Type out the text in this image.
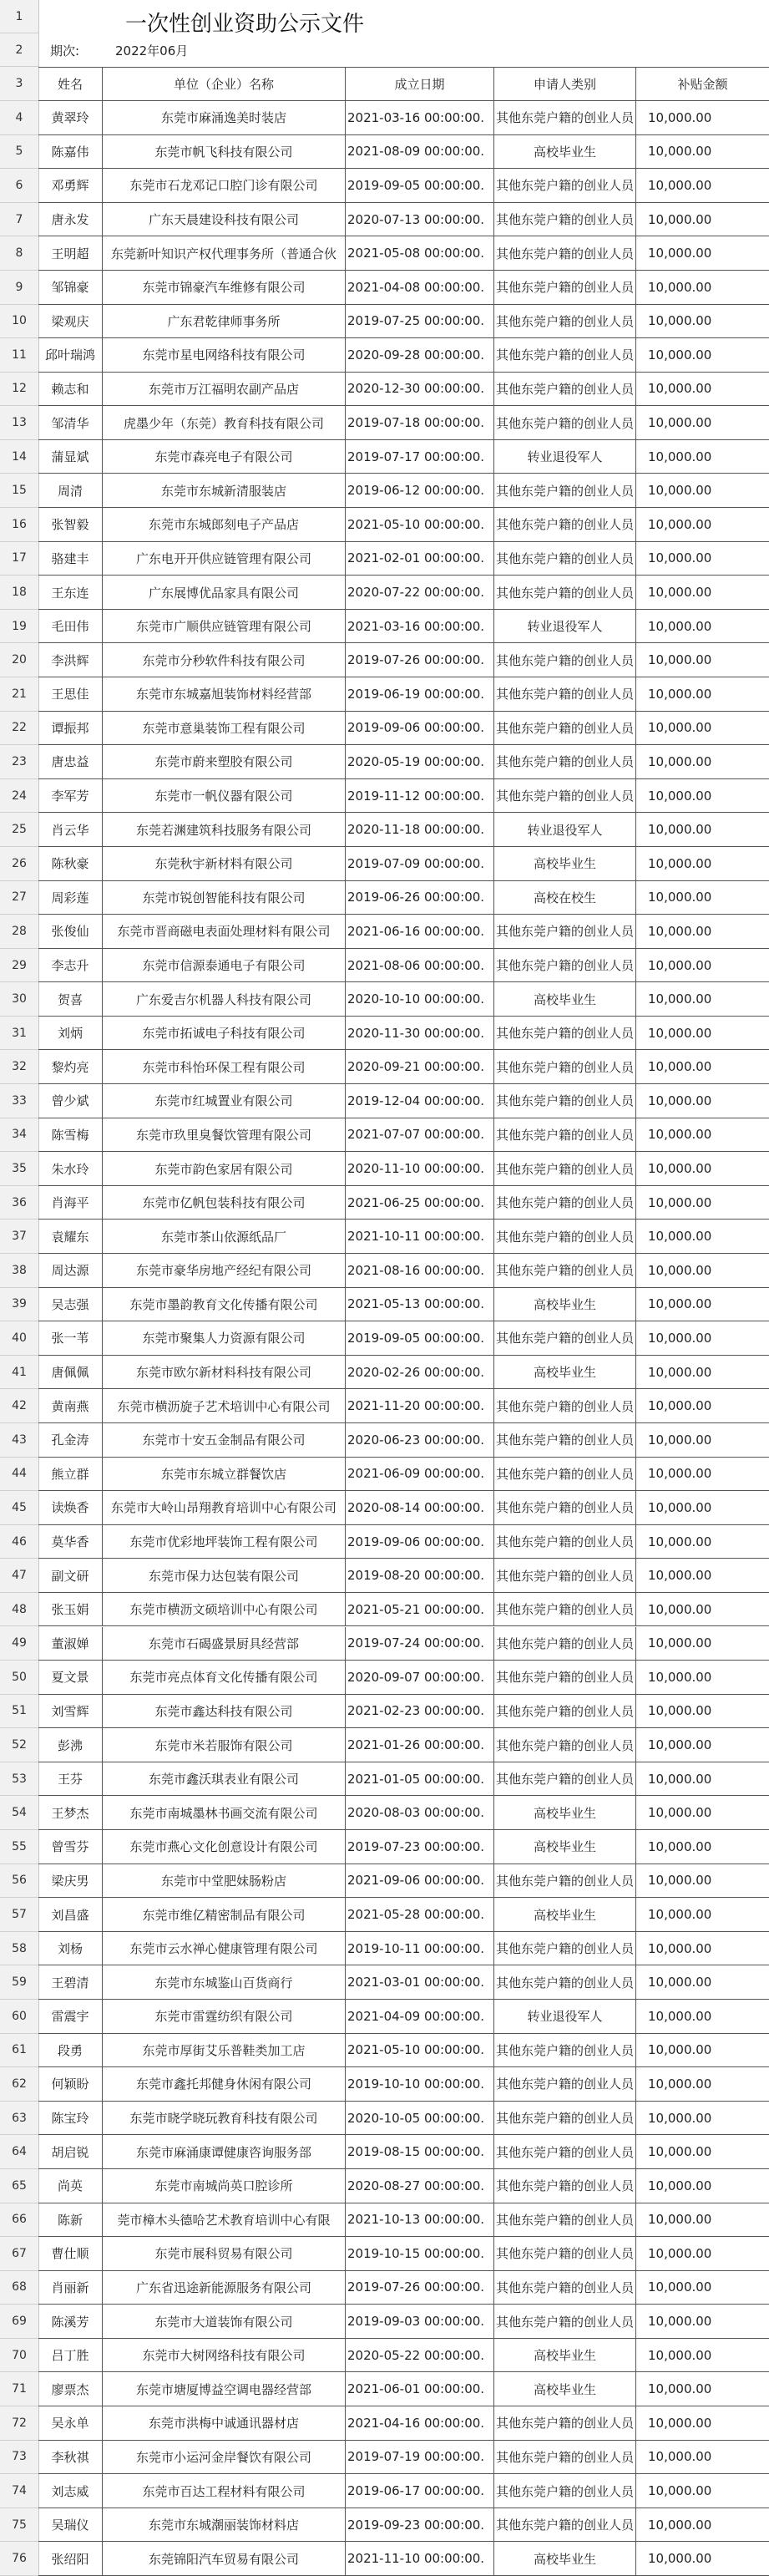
1	一次性创业资助公示文件
2	期次:	2022年06月
3	姓名	单位（企业）名称	成立日期	申请人类别	补贴金额
4	黄翠玲	东莞市麻涌逸美时装店	2021-03-16 00:00:00. 其他东莞户籍的创业人员	10,000.00
5	陈嘉伟	东莞市帆飞科技有限公司	2021-08-09 00:00:00.	高校毕业生	10,000.00
6	邓勇辉	东莞市石龙邓记口腔门诊有限公司	2019-09-05 00:00:00. 其他东莞户籍的创业人员	10,000.00
7	唐永发	广东天晨建设科技有限公司	2020-07-13 00:00:00. 其他东莞户籍的创业人员	10,000.00
8	王明超	东莞新叶知识产权代理事务所（普通合伙 2021-05-08 00:00:00. 其他东莞户籍的创业人员	10,000.00
9	邹锦豪	东莞市锦豪汽车维修有限公司	2021-04-08 00:00:00. 其他东莞户籍的创业人员	10,000.00
10	梁观庆	广东君乾律师事务所	2019-07-25 00:00:00. 其他东莞户籍的创业人员	10,000.00
11	邱叶瑞鸿	东莞市星电网络科技有限公司	2020-09-28 00:00:00. 其他东莞户籍的创业人员	10,000.00
12	赖志和	东莞市万江福明农副产品店	2020-12-30 00:00:00. 其他东莞户籍的创业人员	10,000.00
13	邹清华	虎墨少年（东莞）教育科技有限公司	2019-07-18 00:00:00. 其他东莞户籍的创业人员	10,000.00
14	蒲显斌	东莞市森亮电子有限公司	2019-07-17 00:00:00.	转业退役军人	10,000.00
15	周清	东莞市东城新清服装店	2019-06-12 00:00:00. 其他东莞户籍的创业人员	10,000.00
16	张智毅	东莞市东城郎刻电子产品店	2021-05-10 00:00:00. 其他东莞户籍的创业人员	10,000.00
17	骆建丰	广东电开开供应链管理有限公司	2021-02-01 00:00:00. 其他东莞户籍的创业人员	10,000.00
18	王东连	广东展博优品家具有限公司	2020-07-22 00:00:00. 其他东莞户籍的创业人员	10,000.00
19	毛田伟	东莞市广顺供应链管理有限公司	2021-03-16 00:00:00.	转业退役军人	10,000.00
20	李洪辉	东莞市分秒软件科技有限公司	2019-07-26 00:00:00. 其他东莞户籍的创业人员	10,000.00
21	王思佳	东莞市东城嘉旭装饰材料经营部	2019-06-19 00:00:00. 其他东莞户籍的创业人员	10,000.00
22	谭振邦	东莞市意巢装饰工程有限公司	2019-09-06 00:00:00. 其他东莞户籍的创业人员	10,000.00
23	唐忠益	东莞市蔚来塑胶有限公司	2020-05-19 00:00:00. 其他东莞户籍的创业人员	10,000.00
24	李军芳	东莞市一帆仪器有限公司	2019-11-12 00:00:00. 其他东莞户籍的创业人员	10,000.00
25	肖云华	东莞若渊建筑科技服务有限公司	2020-11-18 00:00:00.	转业退役军人	10,000.00
26	陈秋豪	东莞秋宇新材料有限公司	2019-07-09 00:00:00.	高校毕业生	10,000.00
27	周彩莲	东莞市锐创智能科技有限公司	2019-06-26 00:00:00.	高校在校生	10,000.00
28	张俊仙	东莞市晋商磁电表面处理材料有限公司	2021-06-16 00:00:00. 其他东莞户籍的创业人员	10,000.00
29	李志升	东莞市信源泰通电子有限公司	2021-08-06 00:00:00. 其他东莞户籍的创业人员	10,000.00
30	贺喜	广东爱吉尔机器人科技有限公司	2020-10-10 00:00:00.	高校毕业生	10,000.00
31	刘炳	东莞市拓诚电子科技有限公司	2020-11-30 00:00:00. 其他东莞户籍的创业人员	10,000.00
32	黎灼亮	东莞市科怡环保工程有限公司	2020-09-21 00:00:00. 其他东莞户籍的创业人员	10,000.00
33	曾少斌	东莞市红城置业有限公司	2019-12-04 00:00:00. 其他东莞户籍的创业人员	10,000.00
34	陈雪梅	东莞市玖里臭餐饮管理有限公司	2021-07-07 00:00:00. 其他东莞户籍的创业人员	10,000.00
35	朱水玲	东莞市韵色家居有限公司	2020-11-10 00:00:00. 其他东莞户籍的创业人员	10,000.00
36	肖海平	东莞市亿帆包装科技有限公司	2021-06-25 00:00:00. 其他东莞户籍的创业人员	10,000.00
37	袁耀东	东莞市茶山依源纸品厂	2021-10-11 00:00:00. 其他东莞户籍的创业人员	10,000.00
38	周达源	东莞市豪华房地产经纪有限公司	2021-08-16 00:00:00. 其他东莞户籍的创业人员	10,000.00
39	吴志强	东莞市墨韵教育文化传播有限公司	2021-05-13 00:00:00.	高校毕业生	10,000.00
40	张一苇	东莞市聚集人力资源有限公司	2019-09-05 00:00:00. 其他东莞户籍的创业人员	10,000.00
41	唐佩佩	东莞市欧尔新材料科技有限公司	2020-02-26 00:00:00.	高校毕业生	10,000.00
42	黄南燕	东莞市横沥旋子艺术培训中心有限公司	2021-11-20 00:00:00. 其他东莞户籍的创业人员	10,000.00
43	孔金涛	东莞市十安五金制品有限公司	2020-06-23 00:00:00. 其他东莞户籍的创业人员	10,000.00
44	熊立群	东莞市东城立群餐饮店	2021-06-09 00:00:00. 其他东莞户籍的创业人员	10,000.00
45	读焕香	东莞市大岭山昂翔教育培训中心有限公司 2020-08-14 00:00:00. 其他东莞户籍的创业人员	10,000.00
46	莫华香	东莞市优彩地坪装饰工程有限公司	2019-09-06 00:00:00. 其他东莞户籍的创业人员	10,000.00
47	副文研	东莞市保力达包装有限公司	2019-08-20 00:00:00. 其他东莞户籍的创业人员	10,000.00
48	张玉娟	东莞市横沥文硕培训中心有限公司	2021-05-21 00:00:00. 其他东莞户籍的创业人员	10,000.00
49	董淑婵	东莞市石碣盛景厨具经营部	2019-07-24 00:00:00. 其他东莞户籍的创业人员	10,000.00
50	夏文景	东莞市亮点体育文化传播有限公司	2020-09-07 00:00:00. 其他东莞户籍的创业人员	10,000.00
51	刘雪辉	东莞市鑫达科技有限公司	2021-02-23 00:00:00. 其他东莞户籍的创业人员	10,000.00
52	彭沸	东莞市米若服饰有限公司	2021-01-26 00:00:00. 其他东莞户籍的创业人员	10,000.00
53	王芬	东莞市鑫沃琪表业有限公司	2021-01-05 00:00:00. 其他东莞户籍的创业人员	10,000.00
54	王梦杰	东莞市南城墨林书画交流有限公司	2020-08-03 00:00:00.	高校毕业生	10,000.00
55	曾雪芬	东莞市燕心文化创意设计有限公司	2019-07-23 00:00:00.	高校毕业生	10,000.00
56	梁庆男	东莞市中堂肥妹肠粉店	2021-09-06 00:00:00. 其他东莞户籍的创业人员	10,000.00
57	刘昌盛	东莞市维亿精密制品有限公司	2021-05-28 00:00:00.	高校毕业生	10,000.00
58	刘杨	东莞市云水禅心健康管理有限公司	2019-10-11 00:00:00. 其他东莞户籍的创业人员	10,000.00
59	王碧清	东莞市东城鉴山百货商行	2021-03-01 00:00:00. 其他东莞户籍的创业人员	10,000.00
60	雷震宇	东莞市雷霆纺织有限公司	2021-04-09 00:00:00.	转业退役军人	10,000.00
61	段勇	东莞市厚街艾乐普鞋类加工店	2021-05-10 00:00:00. 其他东莞户籍的创业人员	10,000.00
62	何颖盼	东莞市鑫托邦健身休闲有限公司	2019-10-10 00:00:00. 其他东莞户籍的创业人员	10,000.00
63	陈宝玲	东莞市晓学晓玩教育科技有限公司	2020-10-05 00:00:00. 其他东莞户籍的创业人员	10,000.00
64	胡启锐	东莞市麻涌康谭健康咨询服务部	2019-08-15 00:00:00. 其他东莞户籍的创业人员	10,000.00
65	尚英	东莞市南城尚英口腔诊所	2020-08-27 00:00:00. 其他东莞户籍的创业人员	10,000.00
66	陈新	莞市樟木头德哈艺术教育培训中心有限	2021-10-13 00:00:00. 其他东莞户籍的创业人员	10,000.00
67	曹仕顺	东莞市展科贸易有限公司	2019-10-15 00:00:00. 其他东莞户籍的创业人员	10,000.00
68	肖丽新	广东省迅途新能源服务有限公司	2019-07-26 00:00:00. 其他东莞户籍的创业人员	10,000.00
69	陈溪芳	东莞市大道装饰有限公司	2019-09-03 00:00:00. 其他东莞户籍的创业人员	10,000.00
70	吕丁胜	东莞市大树网络科技有限公司	2020-05-22 00:00:00.	高校毕业生	10,000.00
71	廖票杰	东莞市塘厦博益空调电器经营部	2021-06-01 00:00:00.	高校毕业生	10,000.00
72	吴永单	东莞市洪梅中诚通讯器材店	2021-04-16 00:00:00. 其他东莞户籍的创业人员	10,000.00
73	李秋祺	东莞市小运河金岸餐饮有限公司	2019-07-19 00:00:00. 其他东莞户籍的创业人员	10,000.00
74	刘志威	东莞市百达工程材料有限公司	2019-06-17 00:00:00. 其他东莞户籍的创业人员	10,000.00
75	吴瑞仪	东莞市东城潮丽装饰材料店	2019-09-23 00:00:00. 其他东莞户籍的创业人员	10,000.00
76	张绍阳	东莞锦阳汽车贸易有限公司	2021-11-10 00:00:00.	高校毕业生	10,000.00
